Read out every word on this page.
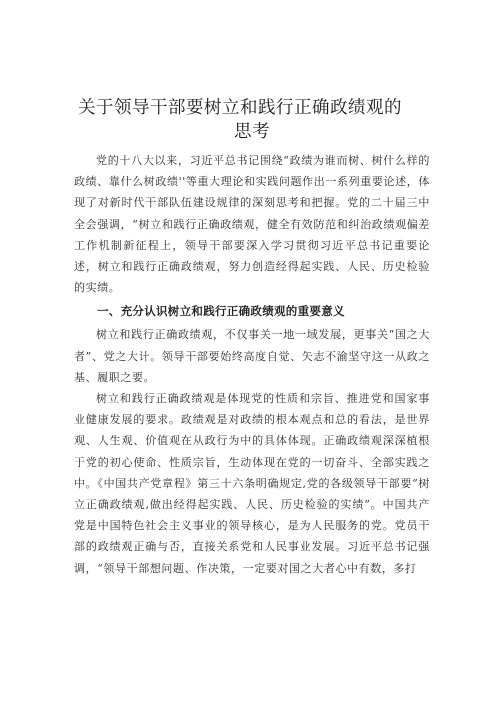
关于领导干部要树立和践行正确政绩观的
思考

党的十八大以来，习近平总书记围绕“政绩为谁而树、树什么样的政绩、靠什么树政绩''等重大理论和实践问题作出一系列重要论述，体现了对新时代干部队伍建设规律的深刻思考和把握。党的二十届三中全会强调，“树立和践行正确政绩观，健全有效防范和纠治政绩观偏差工作机制新征程上，领导干部要深入学习贯彻习近平总书记重要论述，树立和践行正确政绩观，努力创造经得起实践、人民、历史检验的实绩。

一、充分认识树立和践行正确政绩观的重要意义

树立和践行正确政绩观，不仅事关一地一域发展，更事关“国之大者”、党之大计。领导干部要始终高度自觉、矢志不渝坚守这一从政之基、履职之要。

树立和践行正确政绩观是体现党的性质和宗旨、推进党和国家事业健康发展的要求。政绩观是对政绩的根本观点和总的看法，是世界观、人生观、价值观在从政行为中的具体体现。正确政绩观深深植根于党的初心使命、性质宗旨，生动体现在党的一切奋斗、全部实践之中。《中国共产党章程》第三十六条明确规定,党的各级领导干部要“树立正确政绩观,做出经得起实践、人民、历史检验的实绩”。中国共产党是中国特色社会主义事业的领导核心，是为人民服务的党。党员干部的政绩观正确与否，直接关系党和人民事业发展。习近平总书记强调，“领导干部想问题、作决策，一定要对国之大者心中有数，多打
